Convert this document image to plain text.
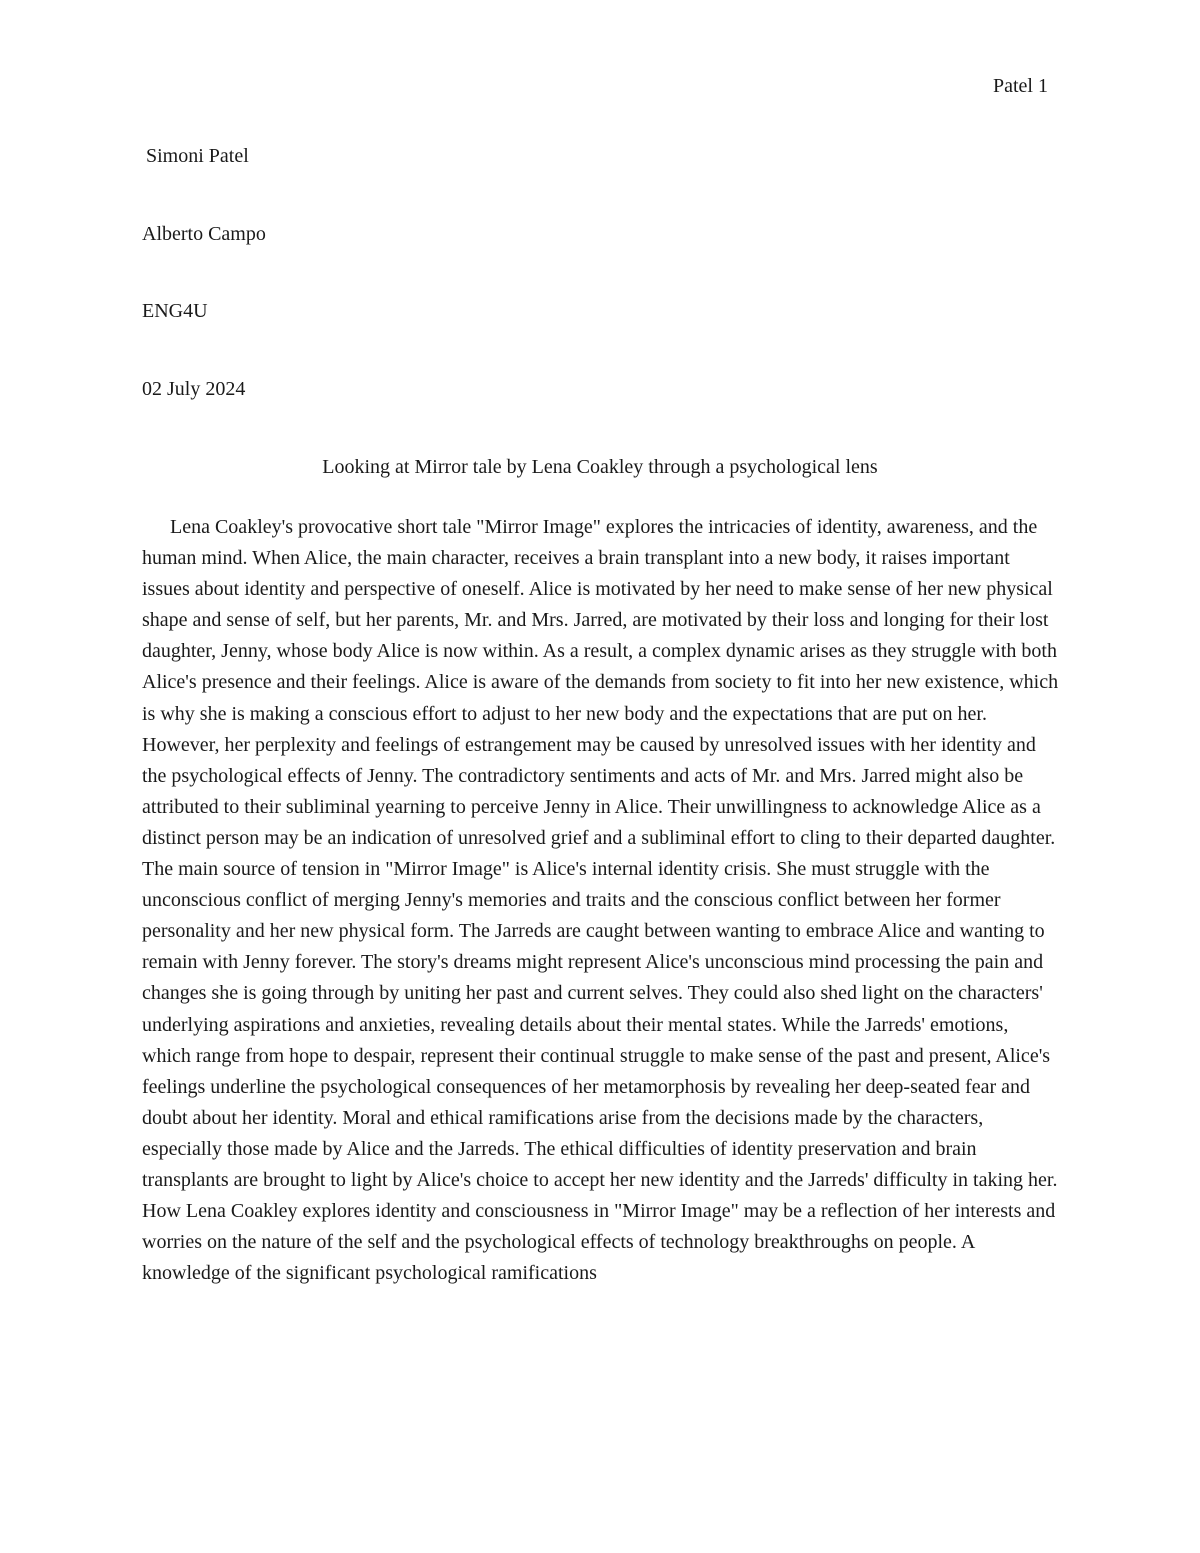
Patel 1
Simoni Patel
Alberto Campo
ENG4U
02 July 2024
Looking at Mirror tale by Lena Coakley through a psychological lens

Lena Coakley's provocative short tale "Mirror Image" explores the intricacies of identity, awareness, and the human mind. When Alice, the main character, receives a brain transplant into a new body, it raises important issues about identity and perspective of oneself. Alice is motivated by her need to make sense of her new physical shape and sense of self, but her parents, Mr. and Mrs. Jarred, are motivated by their loss and longing for their lost daughter, Jenny, whose body Alice is now within. As a result, a complex dynamic arises as they struggle with both Alice's presence and their feelings. Alice is aware of the demands from society to fit into her new existence, which is why she is making a conscious effort to adjust to her new body and the expectations that are put on her. However, her perplexity and feelings of estrangement may be caused by unresolved issues with her identity and the psychological effects of Jenny. The contradictory sentiments and acts of Mr. and Mrs. Jarred might also be attributed to their subliminal yearning to perceive Jenny in Alice. Their unwillingness to acknowledge Alice as a distinct person may be an indication of unresolved grief and a subliminal effort to cling to their departed daughter. The main source of tension in "Mirror Image" is Alice's internal identity crisis. She must struggle with the unconscious conflict of merging Jenny's memories and traits and the conscious conflict between her former personality and her new physical form. The Jarreds are caught between wanting to embrace Alice and wanting to remain with Jenny forever. The story's dreams might represent Alice's unconscious mind processing the pain and changes she is going through by uniting her past and current selves. They could also shed light on the characters' underlying aspirations and anxieties, revealing details about their mental states. While the Jarreds' emotions, which range from hope to despair, represent their continual struggle to make sense of the past and present, Alice's feelings underline the psychological consequences of her metamorphosis by revealing her deep-seated fear and doubt about her identity. Moral and ethical ramifications arise from the decisions made by the characters, especially those made by Alice and the Jarreds. The ethical difficulties of identity preservation and brain transplants are brought to light by Alice's choice to accept her new identity and the Jarreds' difficulty in taking her. How Lena Coakley explores identity and consciousness in "Mirror Image" may be a reflection of her interests and worries on the nature of the self and the psychological effects of technology breakthroughs on people. A knowledge of the significant psychological ramifications
